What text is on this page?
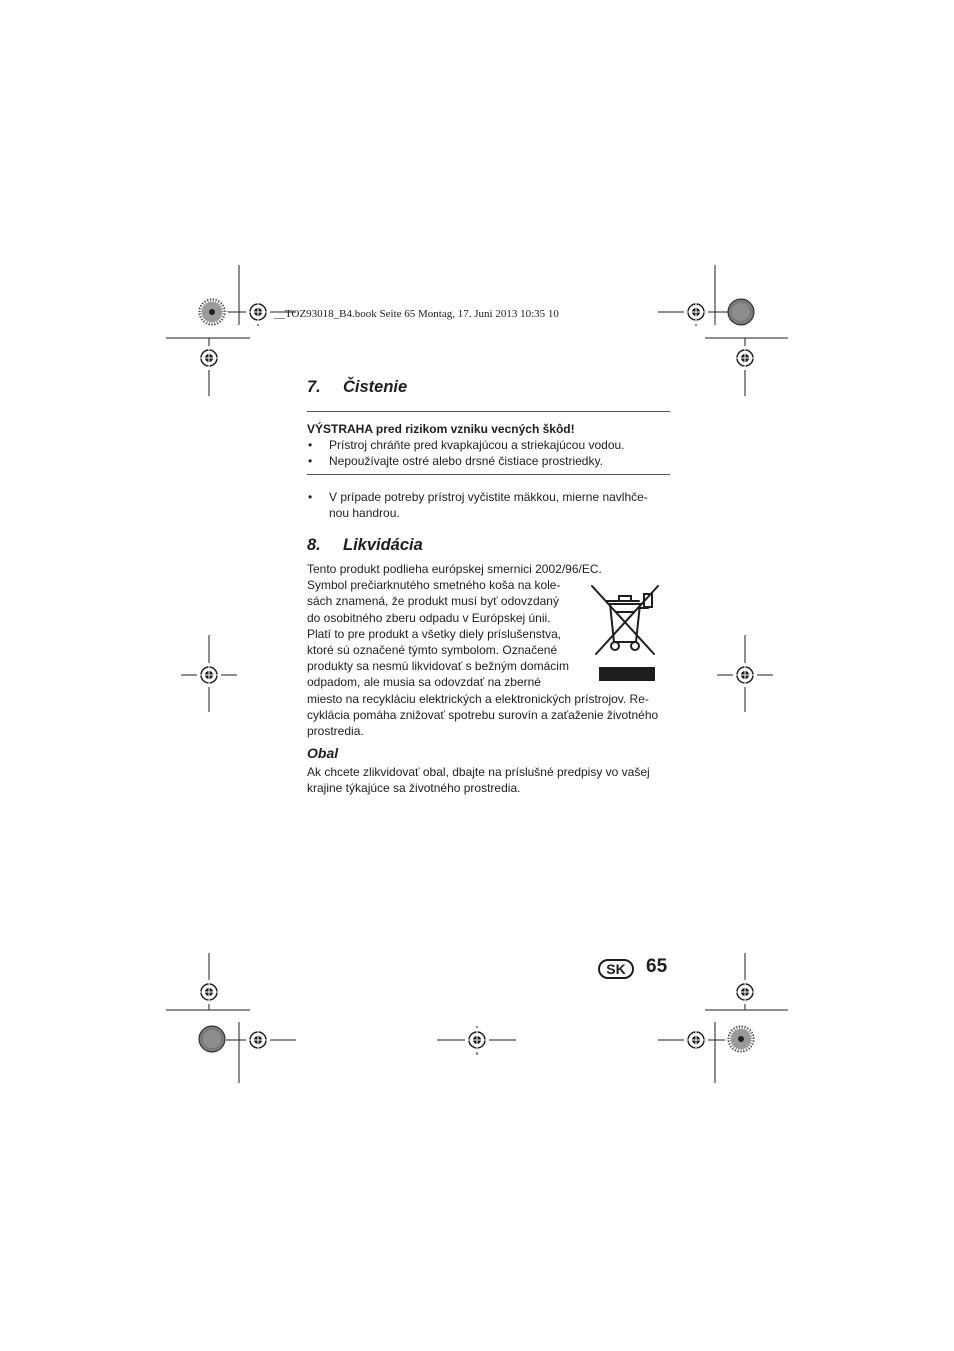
__TOZ93018_B4.book Seite 65 Montag, 17. Juni 2013 10:35 10
7. Čistenie
VÝSTRAHA pred rizikom vzniku vecných škôd!
• Prístroj chráňte pred kvapkajúcou a striekajúcou vodou.
• Nepoužívajte ostré alebo drsné čistiace prostriedky.
• V prípade potreby prístroj vyčistite mäkkou, mierne navlhče-
nou handrou.
8. Likvidácia
Tento produkt podlieha európskej smernici 2002/96/EC.
Symbol prečiarknutého smetného koša na kole-
sách znamená, že produkt musí byť odovzdaný
do osobitného zberu odpadu v Európskej únii.
Platí to pre produkt a všetky diely príslušenstva,
ktoré sú označené týmto symbolom. Označené
produkty sa nesmú likvidovať s bežným domácim
odpadom, ale musia sa odovzdať na zberné
miesto na recykláciu elektrických a elektronických prístrojov. Re-
cyklácia pomáha znižovať spotrebu surovín a zaťaženie životného
prostredia.
Obal
Ak chcete zlikvidovať obal, dbajte na príslušné predpisy vo vašej
krajine týkajúce sa životného prostredia.
SK	65
